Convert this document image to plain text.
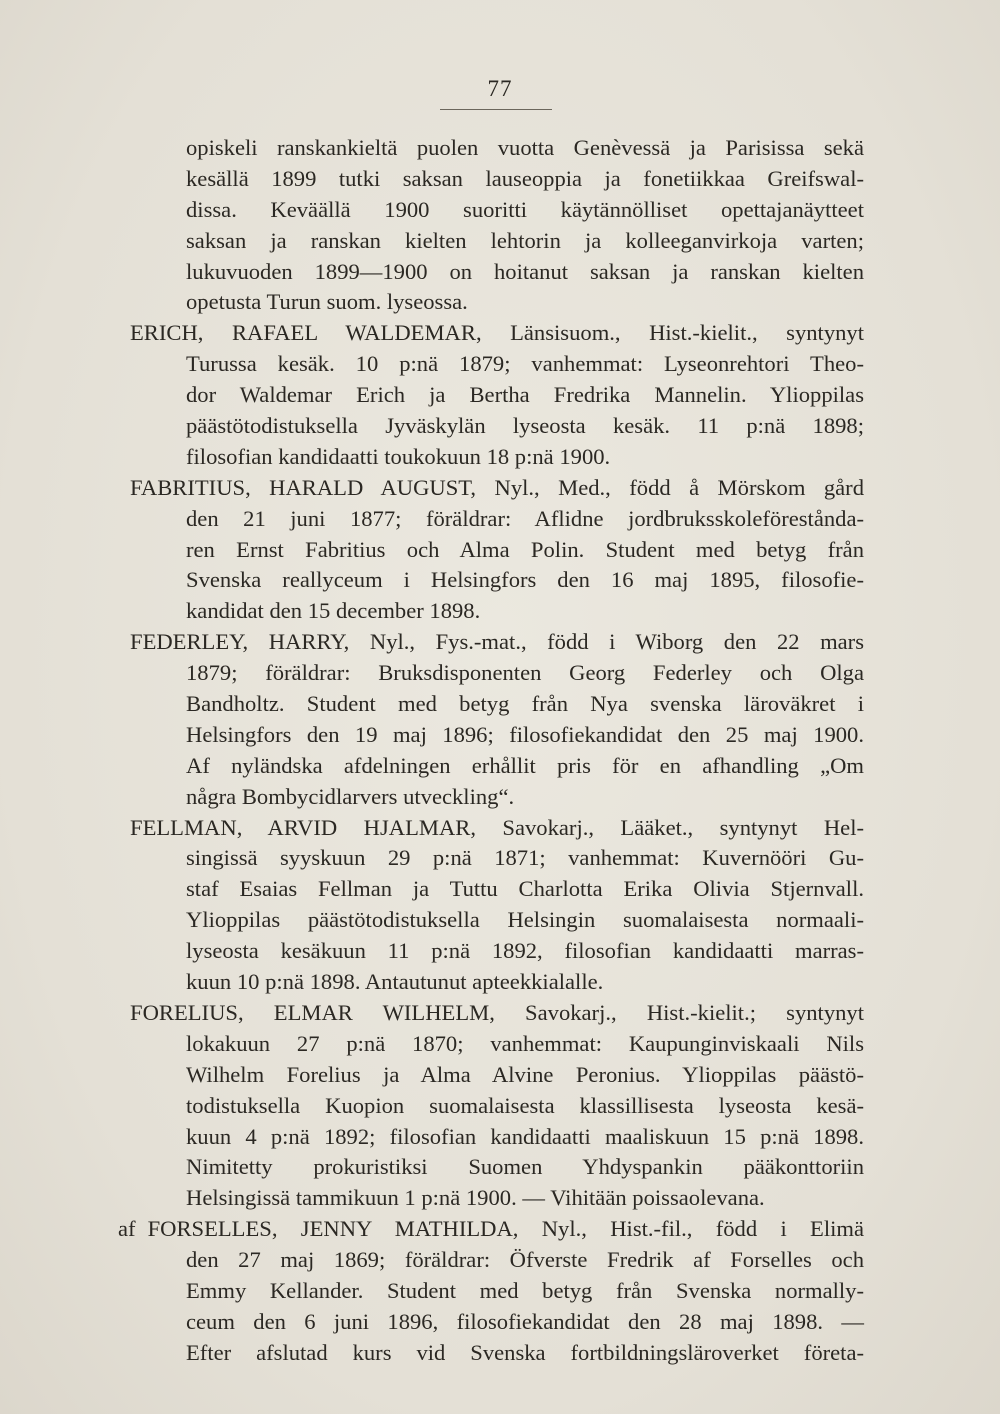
77
opiskeli ranskankieltä puolen vuotta Genèvessä ja Parisissa sekä
kesällä 1899 tutki saksan lauseoppia ja fonetiikkaa Greifswal-
dissa. Keväällä 1900 suoritti käytännölliset opettajanäytteet
saksan ja ranskan kielten lehtorin ja kolleeganvirkoja varten;
lukuvuoden 1899—1900 on hoitanut saksan ja ranskan kielten
opetusta Turun suom. lyseossa.
ERICH, RAFAEL WALDEMAR, Länsisuom., Hist.-kielit., syntynyt
Turussa kesäk. 10 p:nä 1879; vanhemmat: Lyseonrehtori Theo-
dor Waldemar Erich ja Bertha Fredrika Mannelin. Ylioppilas
päästötodistuksella Jyväskylän lyseosta kesäk. 11 p:nä 1898;
filosofian kandidaatti toukokuun 18 p:nä 1900.
FABRITIUS, HARALD AUGUST, Nyl., Med., född å Mörskom gård
den 21 juni 1877; föräldrar: Aflidne jordbruksskoleföreståndа-
ren Ernst Fabritius och Alma Polin. Student med betyg från
Svenska reallyceum i Helsingfors den 16 maj 1895, filosofie-
kandidat den 15 december 1898.
FEDERLEY, HARRY, Nyl., Fys.-mat., född i Wiborg den 22 mars
1879; föräldrar: Bruksdisponenten Georg Federley och Olga
Bandholtz. Student med betyg från Nya svenska läroväkret i
Helsingfors den 19 maj 1896; filosofiekandidat den 25 maj 1900.
Af nyländska afdelningen erhållit pris för en afhandling „Om
några Bombycidlarvers utveckling“.
FELLMAN, ARVID HJALMAR, Savokarj., Lääket., syntynyt Hel-
singissä syyskuun 29 p:nä 1871; vanhemmat: Kuvernööri Gu-
staf Esaias Fellman ja Tuttu Charlotta Erika Olivia Stjernvall.
Ylioppilas päästötodistuksella Helsingin suomalaisesta normaali-
lyseosta kesäkuun 11 p:nä 1892, filosofian kandidaatti marras-
kuun 10 p:nä 1898. Antautunut apteekkialalle.
FORELIUS, ELMAR WILHELM, Savokarj., Hist.-kielit.; syntynyt
lokakuun 27 p:nä 1870; vanhemmat: Kaupunginviskaali Nils
Wilhelm Forelius ja Alma Alvine Peronius. Ylioppilas päästö-
todistuksella Kuopion suomalaisesta klassillisesta lyseosta kesä-
kuun 4 p:nä 1892; filosofian kandidaatti maaliskuun 15 p:nä 1898.
Nimitetty prokuristiksi Suomen Yhdyspankin pääkonttoriin
Helsingissä tammikuun 1 p:nä 1900. — Vihitään poissaolevana.
af FORSELLES, JENNY MATHILDA, Nyl., Hist.-fil., född i Elimä
den 27 maj 1869; föräldrar: Öfverste Fredrik af Forselles och
Emmy Kellander. Student med betyg från Svenska normally-
ceum den 6 juni 1896, filosofiekandidat den 28 maj 1898. —
Efter afslutad kurs vid Svenska fortbildningsläroverket företa-
